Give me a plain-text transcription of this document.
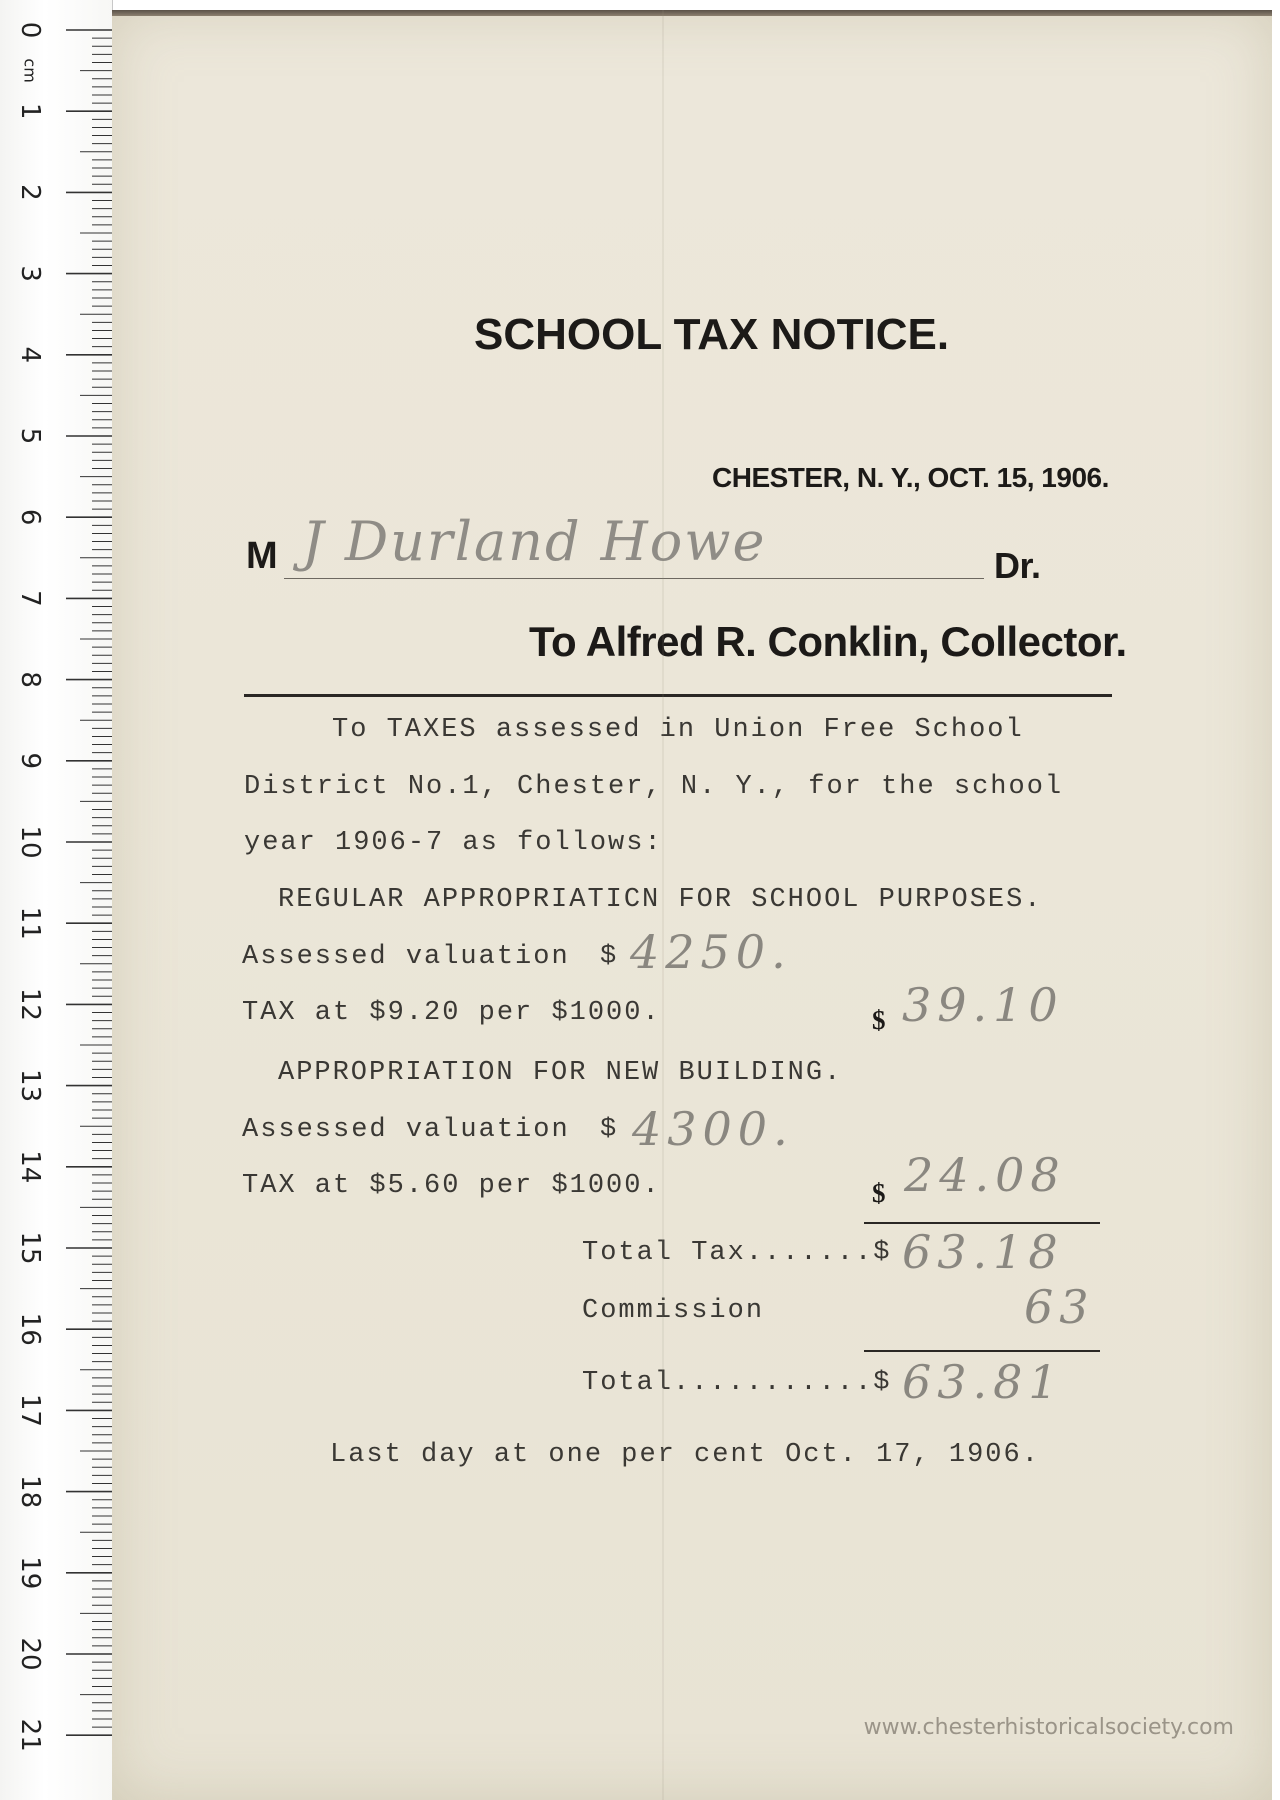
0
1
2
3
4
5
6
7
8
9
10
11
12
13
14
15
16
17
18
19
20
21
cm
SCHOOL TAX NOTICE.
CHESTER, N. Y., OCT. 15, 1906.
M J Durland Howe	Dr.
To Alfred R. Conklin, Collector.
To TAXES assessed in Union Free School
District No.1, Chester, N. Y., for the school
year 1906-7 as follows:
REGULAR APPROPRIATICN FOR SCHOOL PURPOSES.
Assessed valuation $ 4250.
TAX at $9.20 per $1000.	$ 39.10
APPROPRIATION FOR NEW BUILDING.
Assessed valuation $ 4300.
TAX at $5.60 per $1000.	$ 24.08
Total Tax.......$ 63.18
Commission	63
Total...........$ 63.81
Last day at one per cent Oct. 17, 1906.
www.chesterhistoricalsociety.com
